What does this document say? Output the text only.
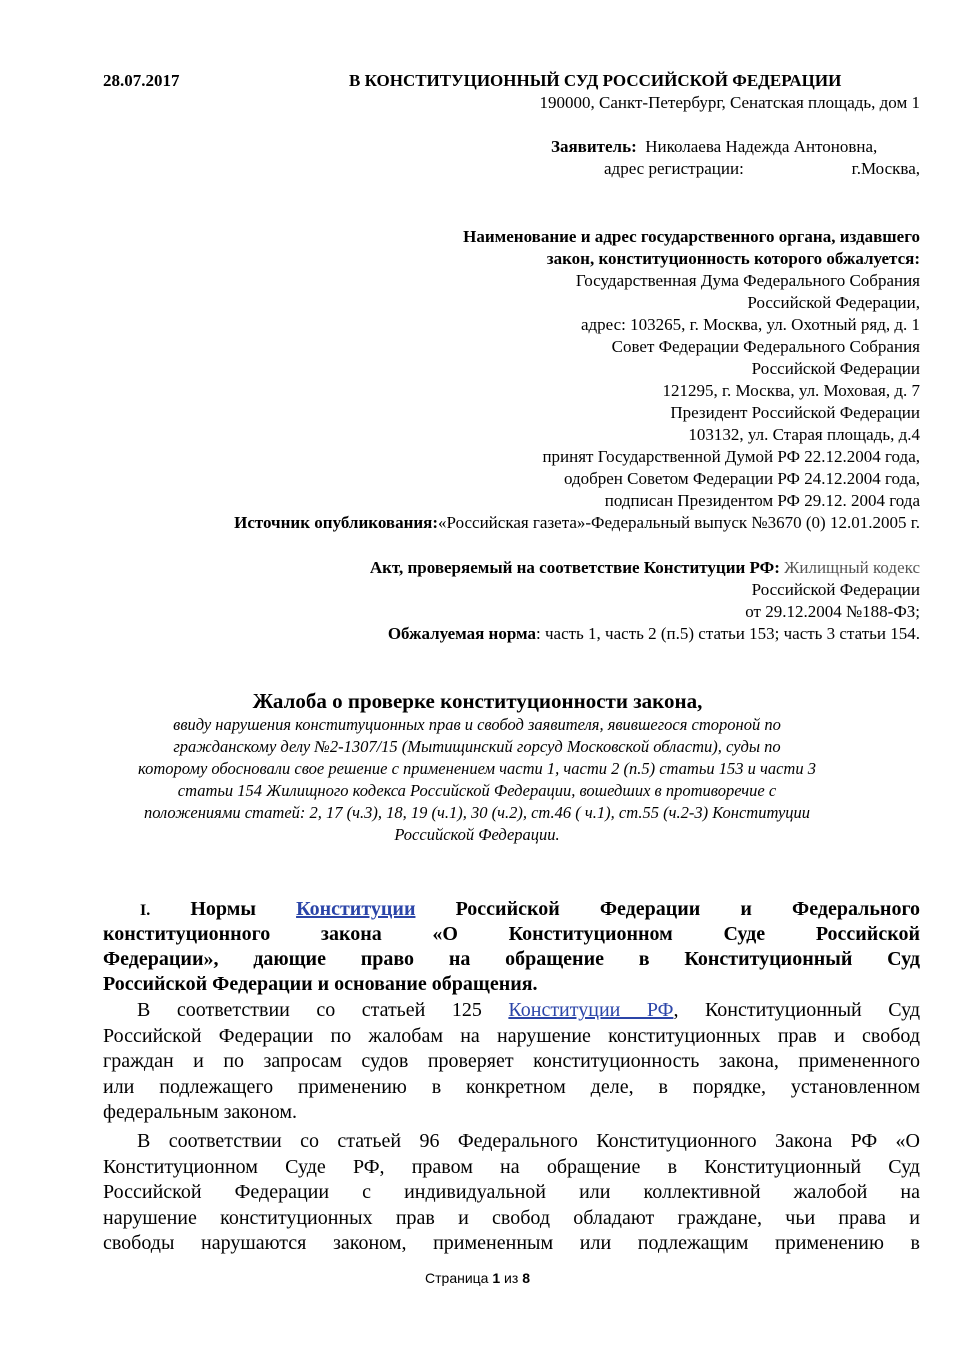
28.07.2017	В КОНСТИТУЦИОННЫЙ СУД РОССИЙСКОЙ ФЕДЕРАЦИИ
190000, Санкт-Петербург, Сенатская площадь, дом 1
Заявитель: Николаева Надежда Антоновна,
адрес регистрации:	г.Москва,
Наименование и адрес государственного органа, издавшего
закон, конституционность которого обжалуется:
Государственная Дума Федерального Собрания
Российской Федерации,
адрес: 103265, г. Москва, ул. Охотный ряд, д. 1
Совет Федерации Федерального Собрания
Российской Федерации
121295, г. Москва, ул. Моховая, д. 7
Президент Российской Федерации
103132, ул. Старая площадь, д.4
принят Государственной Думой РФ 22.12.2004 года,
одобрен Советом Федерации РФ 24.12.2004 года,
подписан Президентом РФ 29.12. 2004 года
Источник опубликования:«Российская газета»-Федеральный выпуск №3670 (0) 12.01.2005 г.
Акт, проверяемый на соответствие Конституции РФ: Жилищный кодекс
Российской Федерации
от 29.12.2004 №188-ФЗ;
Обжалуемая норма: часть 1, часть 2 (п.5) статьи 153; часть 3 статьи 154.
Жалоба о проверке конституционности закона,
ввиду нарушения конституционных прав и свобод заявителя, явившегося стороной по
гражданскому делу №2-1307/15 (Мытищинский горсуд Московской области), суды по
которому обосновали свое решение с применением части 1, части 2 (п.5) статьи 153 и части 3
статьи 154 Жилищного кодекса Российской Федерации, вошедших в противоречие с
положениями статей: 2, 17 (ч.3), 18, 19 (ч.1), 30 (ч.2), ст.46 ( ч.1), ст.55 (ч.2-3) Конституции
Российской Федерации.
I. Нормы Конституции Российской Федерации и Федерального
конституционного закона «О Конституционном Суде Российской
Федерации», дающие право на обращение в Конституционный Суд
Российской Федерации и основание обращения.
В соответствии со статьей 125 Конституции РФ, Конституционный Суд
Российской Федерации по жалобам на нарушение конституционных прав и свобод
граждан и по запросам судов проверяет конституционность закона, примененного
или подлежащего применению в конкретном деле, в порядке, установленном
федеральным законом.
В соответствии со статьей 96 Федерального Конституционного Закона РФ «О
Конституционном Суде РФ, правом на обращение в Конституционный Суд
Российской Федерации с индивидуальной или коллективной жалобой на
нарушение конституционных прав и свобод обладают граждане, чьи права и
свободы нарушаются законом, примененным или подлежащим применению в
Страница 1 из 8
